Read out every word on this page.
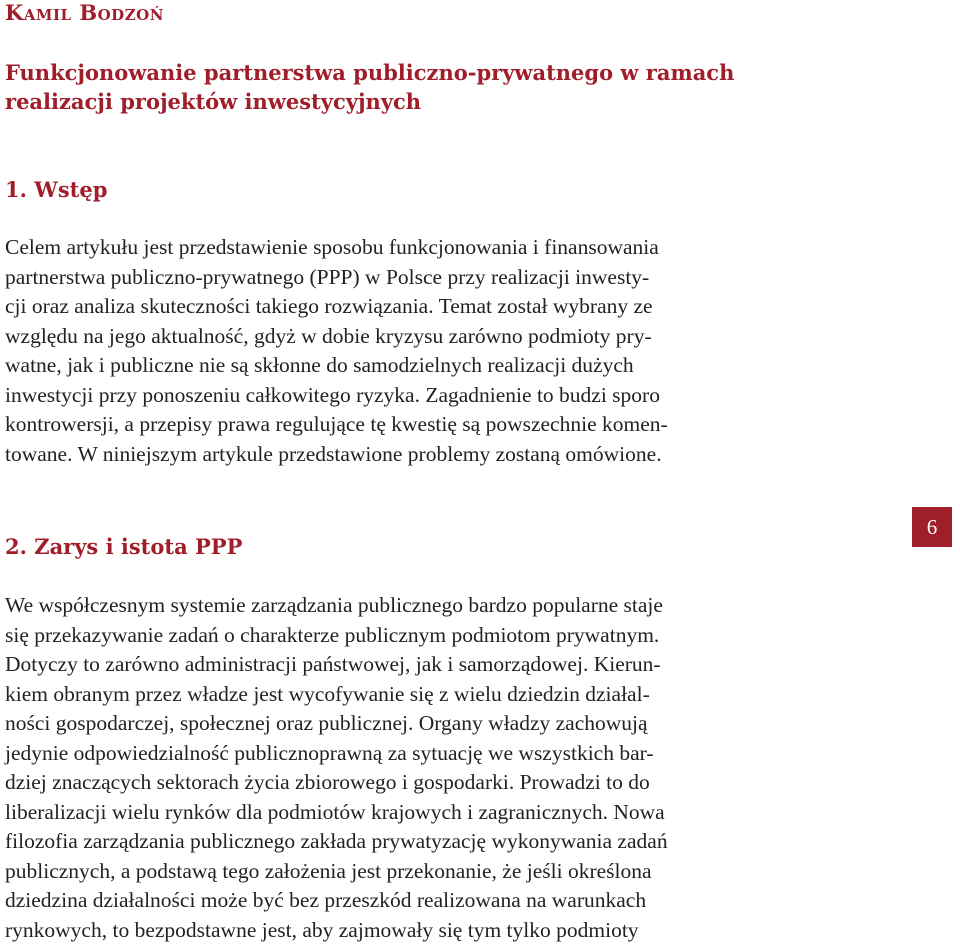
Kamil Bodzoń
Funkcjonowanie partnerstwa publiczno-prywatnego w ramach
realizacji projektów inwestycyjnych
1. Wstęp
Celem artykułu jest przedstawienie sposobu funkcjonowania i finansowania
partnerstwa publiczno-prywatnego (PPP) w Polsce przy realizacji inwesty-
cji oraz analiza skuteczności takiego rozwiązania. Temat został wybrany ze
względu na jego aktualność, gdyż w dobie kryzysu zarówno podmioty pry-
watne, jak i publiczne nie są skłonne do samodzielnych realizacji dużych
inwestycji przy ponoszeniu całkowitego ryzyka. Zagadnienie to budzi sporo
kontrowersji, a przepisy prawa regulujące tę kwestię są powszechnie komen-
towane. W niniejszym artykule przedstawione problemy zostaną omówione.
2. Zarys i istota PPP
6
We współczesnym systemie zarządzania publicznego bardzo popularne staje
się przekazywanie zadań o charakterze publicznym podmiotom prywatnym.
Dotyczy to zarówno administracji państwowej, jak i samorządowej. Kierun-
kiem obranym przez władze jest wycofywanie się z wielu dziedzin działal-
ności gospodarczej, społecznej oraz publicznej. Organy władzy zachowują
jedynie odpowiedzialność publicznoprawną za sytuację we wszystkich bar-
dziej znaczących sektorach życia zbiorowego i gospodarki. Prowadzi to do
liberalizacji wielu rynków dla podmiotów krajowych i zagranicznych. Nowa
filozofia zarządzania publicznego zakłada prywatyzację wykonywania zadań
publicznych, a podstawą tego założenia jest przekonanie, że jeśli określona
dziedzina działalności może być bez przeszkód realizowana na warunkach
rynkowych, to bezpodstawne jest, aby zajmowały się tym tylko podmioty
